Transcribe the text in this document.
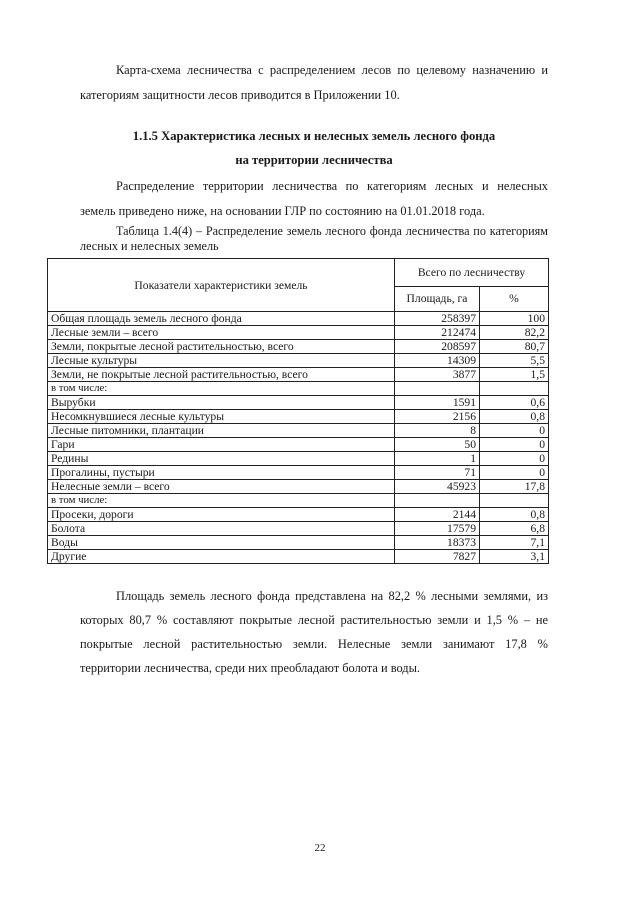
Карта-схема лесничества с распределением лесов по целевому назначению и категориям защитности лесов приводится в Приложении 10.

1.1.5 Характеристика лесных и нелесных земель лесного фонда
на территории лесничества

Распределение территории лесничества по категориям лесных и нелесных земель приведено ниже, на основании ГЛР по состоянию на 01.01.2018 года.

Таблица 1.4(4) – Распределение земель лесного фонда лесничества по категориям лесных и нелесных земель

Показатели характеристики земель	Всего по лесничеству	
	Площадь, га	%
Общая площадь земель лесного фонда	258397	100
Лесные земли – всего	212474	82,2
Земли, покрытые лесной растительностью, всего	208597	80,7
Лесные культуры	14309	5,5
Земли, не покрытые лесной растительностью, всего	3877	1,5
в том числе:		
Вырубки	1591	0,6
Несомкнувшиеся лесные культуры	2156	0,8
Лесные питомники, плантации	8	0
Гари	50	0
Редины	1	0
Прогалины, пустыри	71	0
Нелесные земли – всего	45923	17,8
в том числе:		
Просеки, дороги	2144	0,8
Болота	17579	6,8
Воды	18373	7,1
Другие	7827	3,1

Площадь земель лесного фонда представлена на 82,2 % лесными землями, из которых 80,7 % составляют покрытые лесной растительностью земли и 1,5 % – не покрытые лесной растительностью земли. Нелесные земли занимают 17,8 % территории лесничества, среди них преобладают болота и воды.

22
